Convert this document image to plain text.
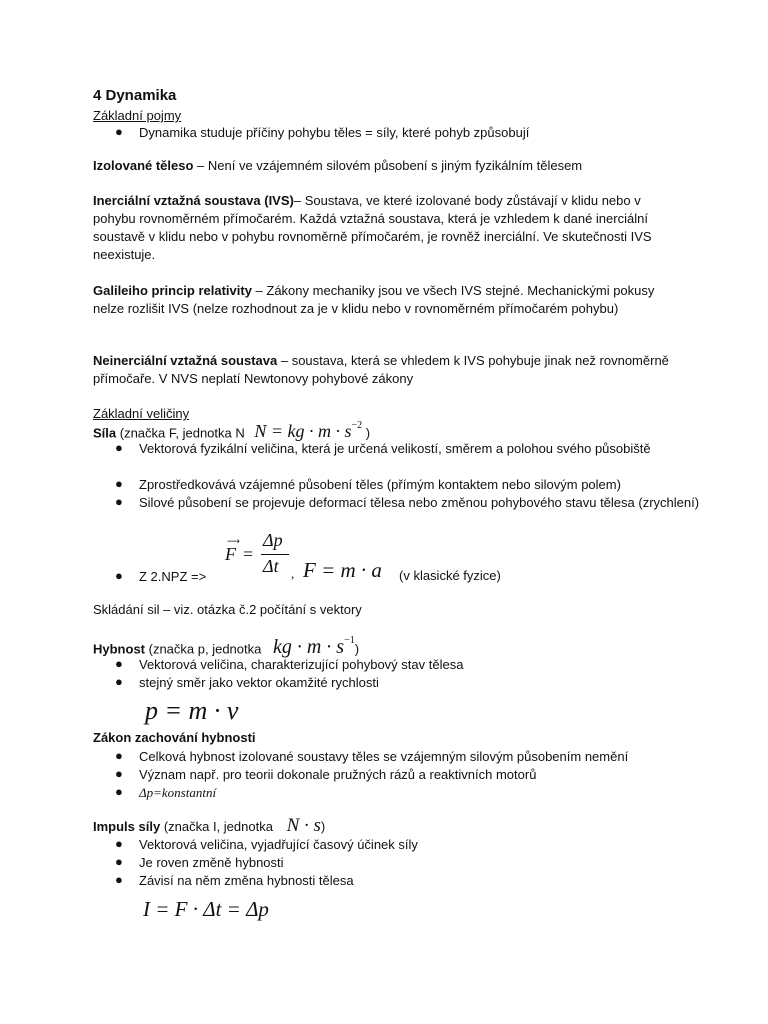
4 Dynamika
Základní pojmy
● Dynamika studuje příčiny pohybu těles = síly, které pohyb způsobují
Izolované těleso – Není ve vzájemném silovém působení s jiným fyzikálním tělesem
Inerciální vztažná soustava (IVS)– Soustava, ve které izolované body zůstávají v klidu nebo v pohybu rovnoměrném přímočarém. Každá vztažná soustava, která je vzhledem k dané inerciální soustavě v klidu nebo v pohybu rovnoměrně přímočarém, je rovněž inerciální. Ve skutečnosti IVS neexistuje.
Galileiho princip relativity – Zákony mechaniky jsou ve všech IVS stejné. Mechanickými pokusy nelze rozlišit IVS (nelze rozhodnout za je v klidu nebo v rovnoměrném přímočarém pohybu)
Neinerciální vztažná soustava – soustava, která se vhledem k IVS pohybuje jinak než rovnoměrně přímočaře. V NVS neplatí Newtonovy pohybové zákony
Základní veličiny
Síla (značka F, jednotka N N = kg · $m \cdot s^{-2}$ )
● Vektorová fyzikální veličina, která je určená velikostí, směrem a polohou svého působiště
● Zprostředkovává vzájemné působení těles (přímým kontaktem nebo silovým polem)
● Silové působení se projevuje deformací tělesa nebo změnou pohybového stavu tělesa (zrychlení)
● Z 2.NPZ =>
⟶
F =
Δp
Δt , F = m · a (v klasické fyzice)
Skládání sil – viz. otázka č.2 počítání s vektory
Hybnost (značka p, jednotka kg · $m \cdot s^{-1}$)
● Vektorová veličina, charakterizující pohybový stav tělesa
● stejný směr jako vektor okamžité rychlosti
p = m · v
Zákon zachování hybnosti
● Celková hybnost izolované soustavy těles se vzájemným silovým působením nemění
● Význam např. pro teorii dokonale pružných rázů a reaktivních motorů
● Δp=konstantní
Impuls síly (značka I, jednotka N · s)
● Vektorová veličina, vyjadřující časový účinek síly
● Je roven změně hybnosti
● Závisí na něm změna hybnosti tělesa
I = F · Δt = Δp
